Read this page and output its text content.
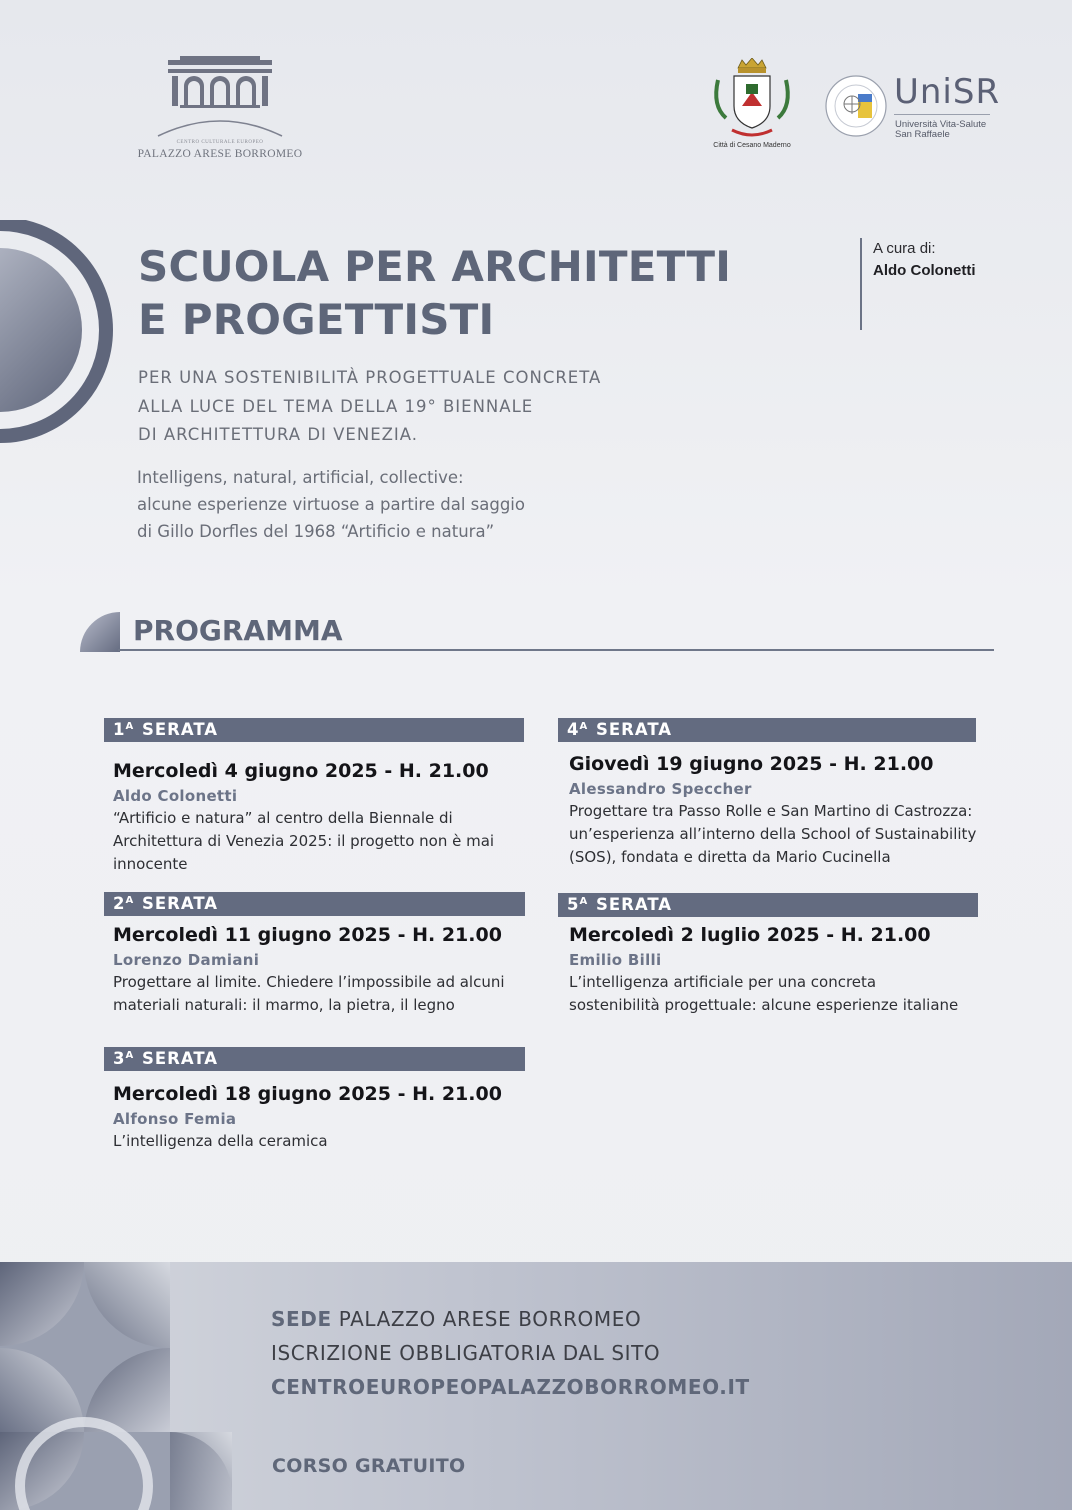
CENTRO CULTURALE EUROPEO
PALAZZO ARESE BORROMEO
Città di Cesano Maderno
UniSR
Università Vita-Salute
San Raffaele
SCUOLA PER ARCHITETTI
E PROGETTISTI
A cura di:
Aldo Colonetti
PER UNA SOSTENIBILITÀ PROGETTUALE CONCRETA
ALLA LUCE DEL TEMA DELLA 19° BIENNALE
DI ARCHITETTURA DI VENEZIA.
Intelligens, natural, artificial, collective:
alcune esperienze virtuose a partire dal saggio
di Gillo Dorfles del 1968 “Artificio e natura”
PROGRAMMA
$1^A$ SERATA
Mercoledì 4 giugno 2025 - H. 21.00
Aldo Colonetti
“Artificio e natura” al centro della Biennale di
Architettura di Venezia 2025: il progetto non è mai
innocente
$2^A$ SERATA
Mercoledì 11 giugno 2025 - H. 21.00
Lorenzo Damiani
Progettare al limite. Chiedere l’impossibile ad alcuni
materiali naturali: il marmo, la pietra, il legno
$3^A$ SERATA
Mercoledì 18 giugno 2025 - H. 21.00
Alfonso Femia
L’intelligenza della ceramica
$4^A$ SERATA
Giovedì 19 giugno 2025 - H. 21.00
Alessandro Speccher
Progettare tra Passo Rolle e San Martino di Castrozza:
un’esperienza all’interno della School of Sustainability
(SOS), fondata e diretta da Mario Cucinella
$5^A$ SERATA
Mercoledì 2 luglio 2025 - H. 21.00
Emilio Billi
L’intelligenza artificiale per una concreta
sostenibilità progettuale: alcune esperienze italiane
SEDE PALAZZO ARESE BORROMEO
ISCRIZIONE OBBLIGATORIA DAL SITO
CENTROEUROPEOPALAZZOBORROMEO.IT
CORSO GRATUITO
